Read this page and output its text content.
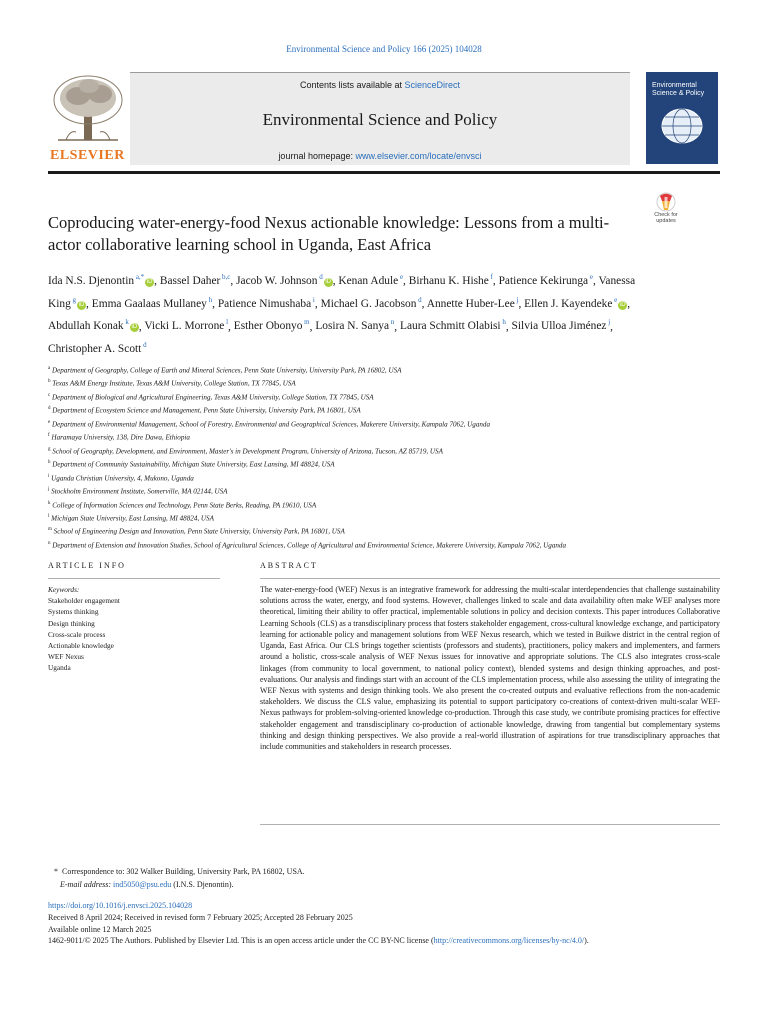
Environmental Science and Policy 166 (2025) 104028
ELSEVIER
Contents lists available at ScienceDirect
Environmental Science and Policy
journal homepage: www.elsevier.com/locate/envsci
Environmental Science & Policy
Check for updates
Coproducing water-energy-food Nexus actionable knowledge: Lessons from a multi-actor collaborative learning school in Uganda, East Africa
Ida N.S. Djenontin $^{a,*}$iD , Bassel Daher $^{b,c}$, Jacob W. Johnson $^d$iD , Kenan Adule $^e$, Birhanu K. Hishe $^f$, Patience Kekirunga $^e$, Vanessa King $^g$iD , Emma Gaalaas Mullaney $^h$, Patience Nimushaba $^i$, Michael G. Jacobson $^d$, Annette Huber-Lee $^j$, Ellen J. Kayendeke $^e$iD , Abdullah Konak $^k$iD , Vicki L. Morrone $^l$, Esther Obonyo $^m$, Losira N. Sanya $^n$, Laura Schmitt Olabisi $^h$, Silvia Ulloa Jiménez $^j$, Christopher A. Scott $^d$
$^a$ Department of Geography, College of Earth and Mineral Sciences, Penn State University, University Park, PA 16802, USA
$^b$ Texas A&M Energy Institute, Texas A&M University, College Station, TX 77845, USA
$^c$ Department of Biological and Agricultural Engineering, Texas A&M University, College Station, TX 77845, USA
$^d$ Department of Ecosystem Science and Management, Penn State University, University Park, PA 16801, USA
$^e$ Department of Environmental Management, School of Forestry, Environmental and Geographical Sciences, Makerere University, Kampala 7062, Uganda
$^f$ Haramaya University, 138, Dire Dawa, Ethiopia
$^g$ School of Geography, Development, and Environment, Master's in Development Program, University of Arizona, Tucson, AZ 85719, USA
$^h$ Department of Community Sustainability, Michigan State University, East Lansing, MI 48824, USA
$^i$ Uganda Christian University, 4, Mukono, Uganda
$^j$ Stockholm Environment Institute, Somerville, MA 02144, USA
$^k$ College of Information Sciences and Technology, Penn State Berks, Reading, PA 19610, USA
$^l$ Michigan State University, East Lansing, MI 48824, USA
$^m$ School of Engineering Design and Innovation, Penn State University, University Park, PA 16801, USA
$^n$ Department of Extension and Innovation Studies, School of Agricultural Sciences, College of Agricultural and Environmental Science, Makerere University, Kampala 7062, Uganda
ARTICLE INFO	ABSTRACT
Keywords:
Stakeholder engagement
Systems thinking
Design thinking
Cross-scale process
Actionable knowledge
WEF Nexus
Uganda
The water-energy-food (WEF) Nexus is an integrative framework for addressing the multi-scalar interdependencies that challenge sustainability solutions across the water, energy, and food systems. However, challenges linked to scale and data availability often make WEF analyses more theoretical, limiting their ability to offer practical, implementable solutions in policy and decision contexts. This paper introduces Collaborative Learning Schools (CLS) as a transdisciplinary process that fosters stakeholder engagement, cross-cultural knowledge exchange, and participatory learning for actionable policy and management solutions from WEF Nexus research, which we tested in Buikwe district in the central region of Uganda, East Africa. Our CLS brings together scientists (professors and students), practitioners, policy makers and implementers, and farmers around a holistic, cross-scale analysis of WEF Nexus issues for innovative and appropriate solutions. The CLS also integrates cross-scale linkages (from community to local government, to national policy context), blended systems and design thinking approaches, and post-evaluations. Our analysis and findings start with an account of the CLS implementation process, while also assessing the utility of integrating the WEF Nexus with systems and design thinking tools. We also present the co-created outputs and evaluative reflections from the non-academic stakeholders. We discuss the CLS value, emphasizing its potential to support participatory co-creations of context-driven multi-scalar WEF-Nexus pathways for problem-solving-oriented knowledge co-production. Through this case study, we contribute promising practices for effective stakeholder engagement and transdisciplinary co-production of actionable knowledge, drawing from tangential but complementary systems thinking and design thinking perspectives. We also provide a real-world illustration of aspirations for true transdisciplinary approaches that include communities and stakeholders in research processes.
* Correspondence to: 302 Walker Building, University Park, PA 16802, USA.
E-mail address: ind5050@psu.edu (I.N.S. Djenontin).
https://doi.org/10.1016/j.envsci.2025.104028
Received 8 April 2024; Received in revised form 7 February 2025; Accepted 28 February 2025
Available online 12 March 2025
1462-9011/© 2025 The Authors. Published by Elsevier Ltd. This is an open access article under the CC BY-NC license (http://creativecommons.org/licenses/by-nc/4.0/).
